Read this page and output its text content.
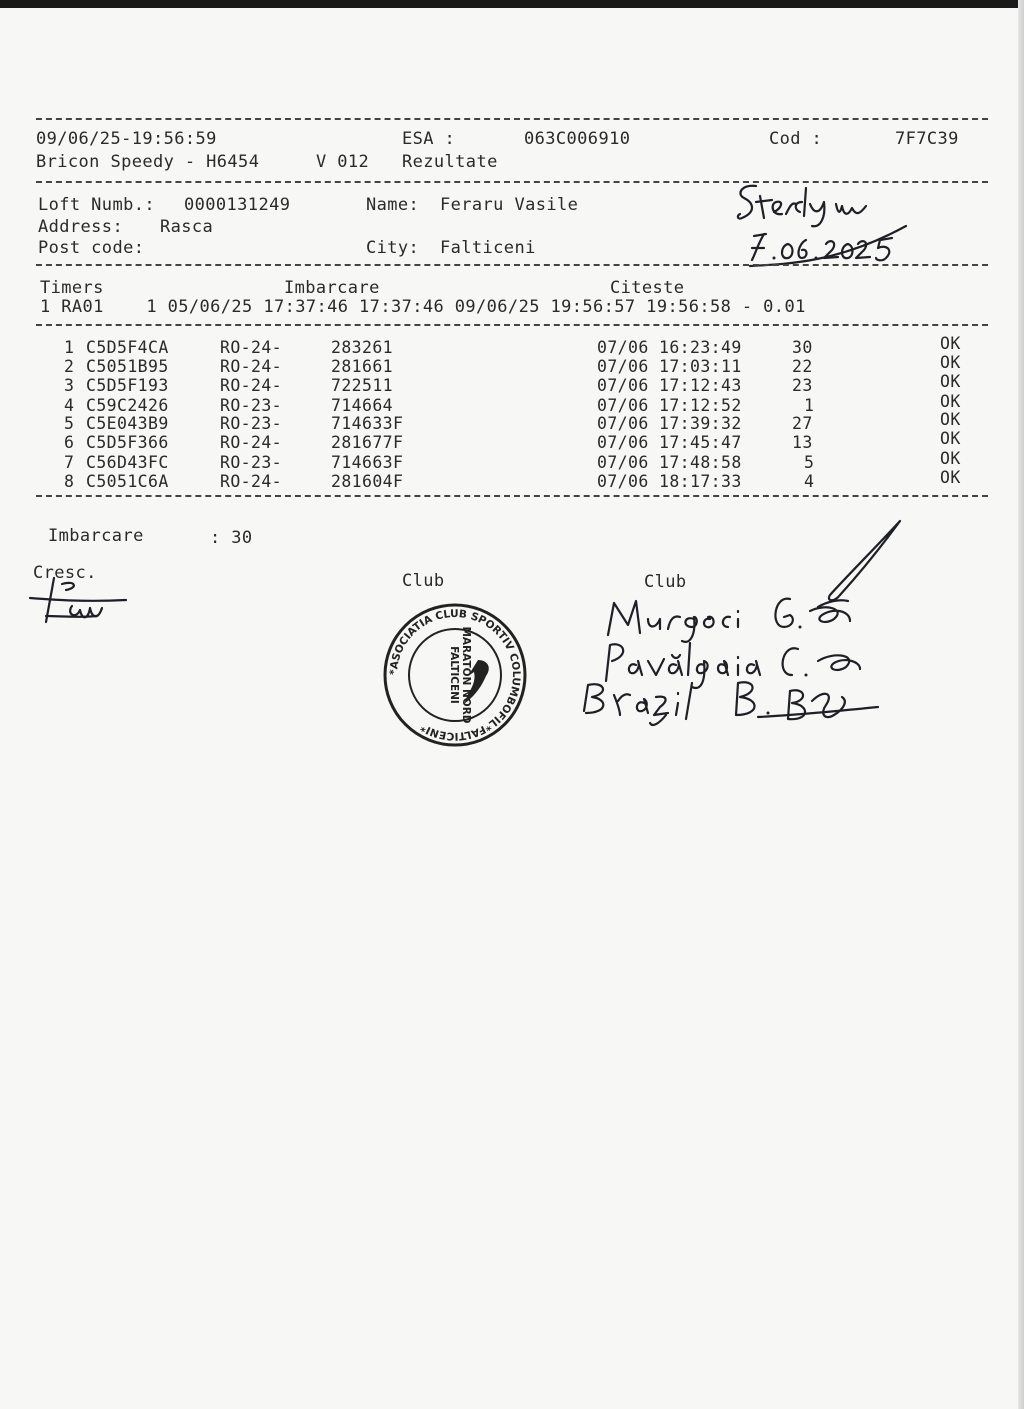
09/06/25-19:56:59	ESA :	063C006910	Cod :	7F7C39
Bricon Speedy - H6454	V 012 Rezultate
Loft Numb.: 0000131249	Name: Feraru Vasile
Address: Rasca
Post code:	City: Falticeni
Timers	Imbarcare	Citeste
1 RA01    1 05/06/25 17:37:46 17:37:46 09/06/25 19:56:57 19:56:58 - 0.01
1 C5D5F4CA	RO-24-	283261	07/06 16:23:49	30	OK
2 C5051B95	RO-24-	281661	07/06 17:03:11	22	OK
3 C5D5F193	RO-24-	722511	07/06 17:12:43	23	OK
4 C59C2426	RO-23-	714664	07/06 17:12:52	1	OK
5 C5E043B9	RO-23-	714633F	07/06 17:39:32	27	OK
6 C5D5F366	RO-24-	281677F	07/06 17:45:47	13	OK
7 C56D43FC	RO-23-	714663F	07/06 17:48:58	5	OK
8 C5051C6A	RO-24-	281604F	07/06 18:17:33	4	OK
Imbarcare	: 30
Cresc.	Club	Club
*ASOCIATIA CLUB SPORTIV COLUMBOFIL*FALTICENI*
MARATON NORD
FALTICENI
